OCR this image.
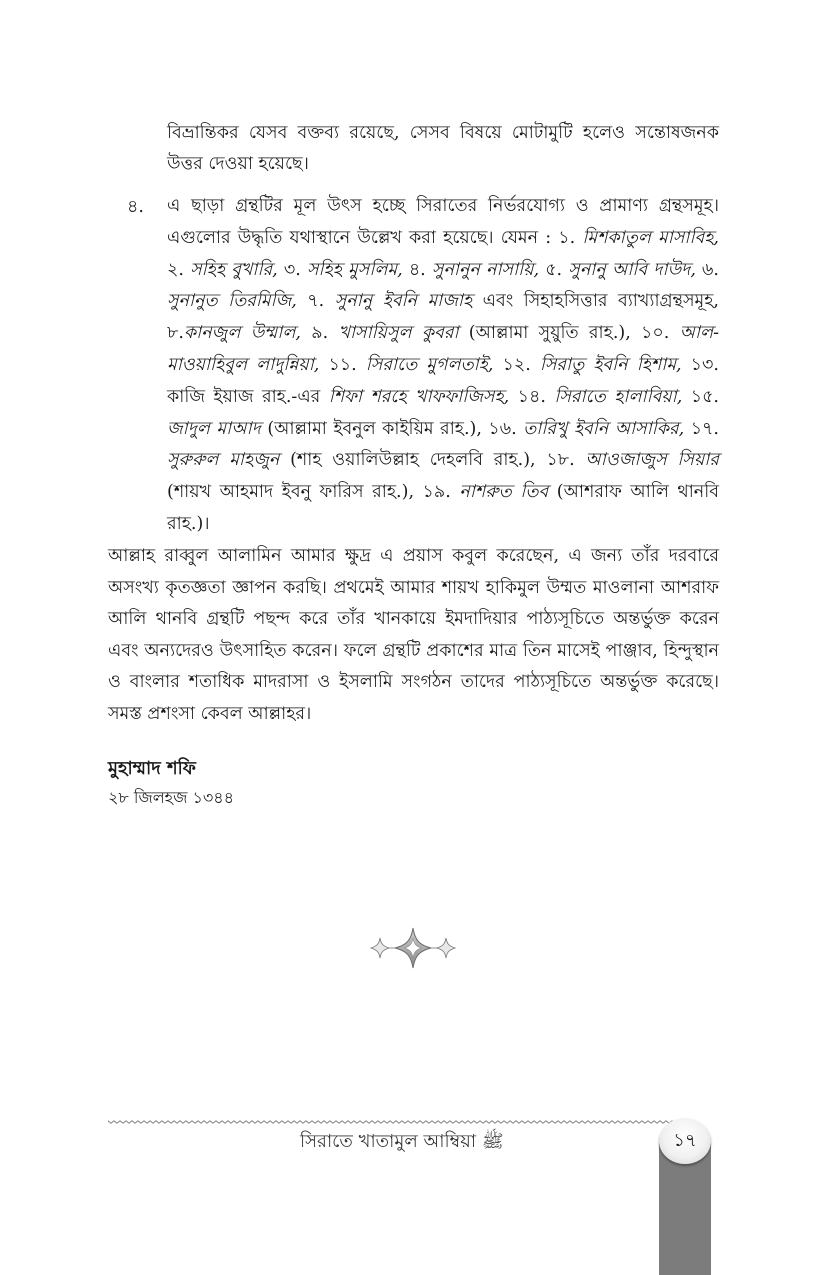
বিভ্রান্তিকর যেসব বক্তব্য রয়েছে, সেসব বিষয়ে মোটামুটি হলেও সন্তোষজনক উত্তর দেওয়া হয়েছে।

৪. এ ছাড়া গ্রন্থটির মূল উৎস হচ্ছে সিরাতের নির্ভরযোগ্য ও প্রামাণ্য গ্রন্থসমূহ। এগুলোর উদ্ধৃতি যথাস্থানে উল্লেখ করা হয়েছে। যেমন : ১. মিশকাতুল মাসাবিহ, ২. সহিহ বুখারি, ৩. সহিহ মুসলিম, ৪. সুনানুন নাসায়ি, ৫. সুনানু আবি দাউদ, ৬. সুনানুত তিরমিজি, ৭. সুনানু ইবনি মাজাহ এবং সিহাহসিত্তার ব্যাখ্যাগ্রন্থসমূহ, ৮.কানজুল উম্মাল, ৯. খাসায়িসুল কুবরা (আল্লামা সুয়ুতি রাহ.), ১০. আল-মাওয়াহিবুল লাদুন্নিয়া, ১১. সিরাতে মুগলতাই, ১২. সিরাতু ইবনি হিশাম, ১৩. কাজি ইয়াজ রাহ.-এর শিফা শরহে খাফফাজিসহ, ১৪. সিরাতে হালাবিয়া, ১৫. জাদুল মাআদ (আল্লামা ইবনুল কাইয়িম রাহ.), ১৬. তারিখু ইবনি আসাকির, ১৭. সুরুরুল মাহজুন (শাহ ওয়ালিউল্লাহ দেহলবি রাহ.), ১৮. আওজাজুস সিয়ার (শায়খ আহমাদ ইবনু ফারিস রাহ.), ১৯. নাশরুত তিব (আশরাফ আলি থানবি রাহ.)।

আল্লাহ রাব্বুল আলামিন আমার ক্ষুদ্র এ প্রয়াস কবুল করেছেন, এ জন্য তাঁর দরবারে অসংখ্য কৃতজ্ঞতা জ্ঞাপন করছি। প্রথমেই আমার শায়খ হাকিমুল উম্মত মাওলানা আশরাফ আলি থানবি গ্রন্থটি পছন্দ করে তাঁর খানকায়ে ইমদাদিয়ার পাঠ্যসূচিতে অন্তর্ভুক্ত করেন এবং অন্যদেরও উৎসাহিত করেন। ফলে গ্রন্থটি প্রকাশের মাত্র তিন মাসেই পাঞ্জাব, হিন্দুস্থান ও বাংলার শতাধিক মাদরাসা ও ইসলামি সংগঠন তাদের পাঠ্যসূচিতে অন্তর্ভুক্ত করেছে। সমস্ত প্রশংসা কেবল আল্লাহর।

মুহাম্মাদ শফি
২৮ জিলহজ ১৩৪৪
সিরাতে খাতামুল আম্বিয়া ﷺ	১৭
